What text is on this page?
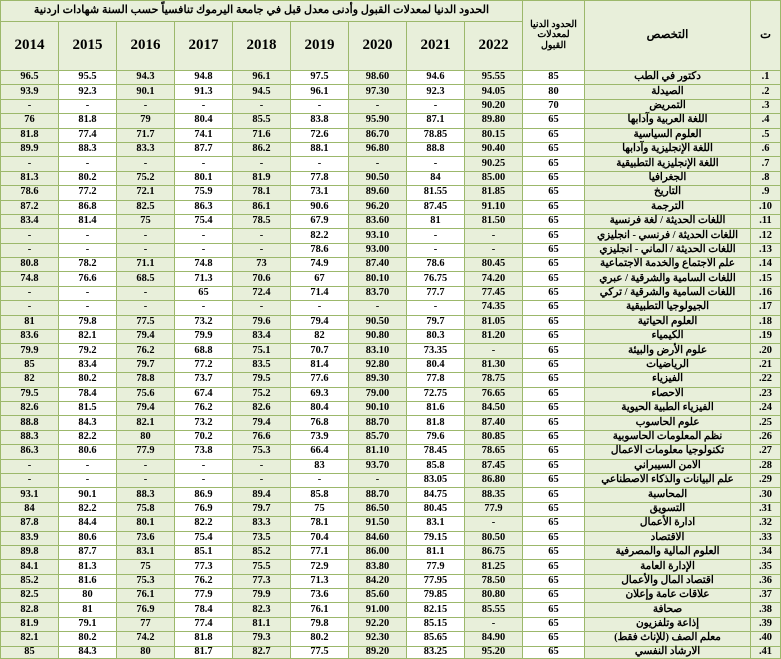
ت	التخصص	الحدود الدنيا لمعدلات القبول	الحدود الدنيا لمعدلات القبول وأدنى معدل قبل في جامعة اليرموك تنافسياً حسب السنة شهادات اردنية								
			2022	2021	2020	2019	2018	2017	2016	2015	2014
.1	دكتور في الطب	85	95.55	94.6	98.60	97.5	96.1	94.8	94.3	95.5	96.5
.2	الصيدلة	80	94.05	92.3	97.30	96.1	94.5	91.3	90.1	92.3	93.9
.3	التمريض	70	90.20	-	-	-	-	-	-	-	-
.4	اللغة العربية وآدابها	65	89.80	87.1	95.90	83.8	85.5	80.4	79	81.8	76
.5	العلوم السياسية	65	80.15	78.85	86.70	72.6	71.6	74.1	71.7	77.4	81.8
.6	اللغة الإنجليزية وآدابها	65	90.40	88.8	96.80	88.1	86.2	87.7	83.3	88.3	89.9
.7	اللغة الإنجليزية التطبيقية	65	90.25	-	-	-	-	-	-	-	-
.8	الجغرافيا	65	85.00	84	90.50	77.8	81.9	80.1	75.2	80.2	81.3
.9	التاريخ	65	81.85	81.55	89.60	73.1	78.1	75.9	72.1	77.2	78.6
.10	الترجمة	65	91.10	87.45	96.20	90.6	86.1	86.3	82.5	86.8	87.2
.11	اللغات الحديثة / لغة فرنسية	65	81.50	81	83.60	67.9	78.5	75.4	75	81.4	83.4
.12	اللغات الحديثة / فرنسي - انجليزي	65	-	-	93.10	82.2	-	-	-	-	-
.13	اللغات الحديثة / الماني - انجليزي	65	-	-	93.00	78.6	-	-	-	-	-
.14	علم الاجتماع والخدمة الاجتماعية	65	80.45	78.6	87.40	74.9	73	74.8	71.1	78.2	80.8
.15	اللغات السامية والشرقية / عبري	65	74.20	76.75	80.10	67	70.6	71.3	68.5	76.6	74.8
.16	اللغات السامية والشرقية / تركي	65	77.45	77.7	83.70	71.4	72.4	65	-	-	-
.17	الجيولوجيا التطبيقية	65	74.35	-	-	-	-	-	-	-	-
.18	العلوم الحياتية	65	81.05	79.7	90.50	79.4	79.6	73.2	77.5	79.8	81
.19	الكيمياء	65	81.20	80.3	90.80	82	83.4	79.9	79.4	82.1	83.6
.20	علوم الأرض والبيئة	65	-	73.35	83.10	70.7	75.1	68.8	76.2	79.2	79.9
.21	الرياضيات	65	81.30	80.4	92.80	81.4	83.5	77.2	79.7	83.4	85
.22	الفيزياء	65	78.75	77.8	89.30	77.6	79.5	73.7	78.8	80.2	82
.23	الاحصاء	65	76.65	72.75	79.00	69.3	75.2	67.4	75.6	78.4	79.5
.24	الفيزياء الطبية الحيوية	65	84.50	81.6	90.10	80.4	82.6	76.2	79.4	81.5	82.6
.25	علوم الحاسوب	65	87.40	81.8	88.70	76.8	79.4	73.2	82.1	84.3	88.8
.26	نظم المعلومات الحاسوبية	65	80.85	79.6	85.70	73.9	76.6	70.2	80	82.2	88.3
.27	تكنولوجيا معلومات الاعمال	65	78.65	78.45	81.10	66.4	75.3	73.8	77.9	80.6	86.3
.28	الامن السيبراني	65	87.45	85.8	93.70	83	-	-	-	-	-
.29	علم البيانات والذكاء الاصطناعي	65	86.80	83.05	-	-	-	-	-	-	-
.30	المحاسبة	65	88.35	84.75	88.70	85.8	89.4	86.9	88.3	90.1	93.1
.31	التسويق	65	77.9	80.45	86.50	75	79.7	76.9	75.8	82.2	84
.32	ادارة الأعمال	65	-	83.1	91.50	78.1	83.3	82.2	80.1	84.4	87.8
.33	الاقتصاد	65	80.50	79.15	84.60	70.4	73.5	75.4	73.6	80.6	83.9
.34	العلوم المالية والمصرفية	65	86.75	81.1	86.00	77.1	85.2	85.1	83.1	87.7	89.8
.35	الإدارة العامة	65	81.25	77.9	83.80	72.9	75.5	77.3	75	81.3	84.1
.36	اقتصاد المال والأعمال	65	78.50	77.95	84.20	71.3	77.3	76.2	75.3	81.6	85.2
.37	علاقات عامة وإعلان	65	80.80	79.85	85.60	73.6	79.9	77.9	76.1	80	82.5
.38	صحافة	65	85.55	82.15	91.00	76.1	82.3	78.4	76.9	81	82.8
.39	إذاعة وتلفزيون	65	-	85.15	92.20	79.8	81.1	77.4	77	79.1	81.9
.40	معلم الصف (للإناث فقط)	65	84.90	85.65	92.30	80.2	79.3	81.8	74.2	80.2	82.1
.41	الارشاد النفسي	65	95.20	83.25	89.20	77.5	82.7	81.7	80	84.3	85
